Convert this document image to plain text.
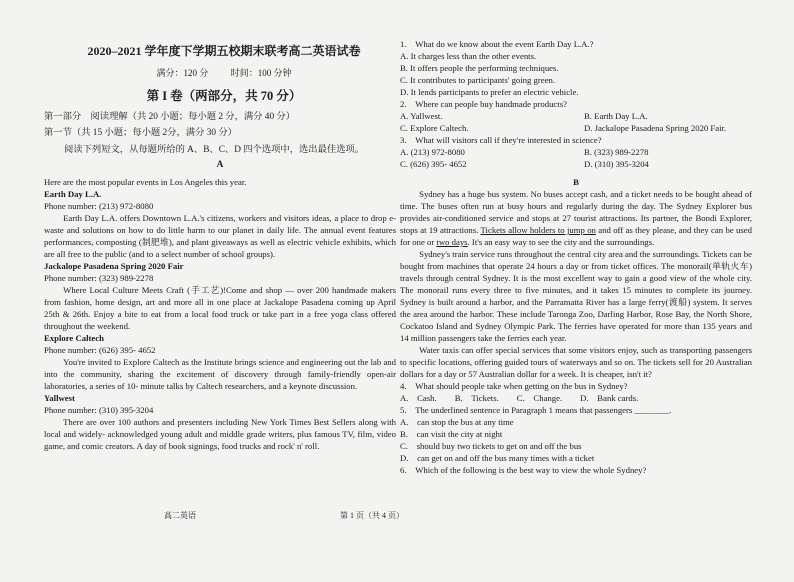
2020–2021 学年度下学期五校期末联考高二英语试卷
满分：120 分	时间：100 分钟
第 I 卷（两部分，共 70 分）
第一部分　阅读理解（共 20 小题；每小题 2 分，满分 40 分）
第一节（共 15 小题；每小题 2分，满分 30 分）
阅读下列短文，从每题所给的 A、B、C、D 四个选项中，选出最佳选项。
A

Here are the most popular events in Los Angeles this year.

Earth Day L.A.

Phone number: (213) 972-8080

Earth Day L.A. offers Downtown L.A.'s citizens, workers and visitors ideas, a place to drop e-waste and solutions on how to do little harm to our planet in daily life. The annual event features performances, composting (制肥堆), and plant giveaways as well as electric vehicle exhibits, which are all free to the public (and to a select number of school groups).

Jackalope Pasadena Spring 2020 Fair

Phone number: (323) 989-2278

Where Local Culture Meets Craft (手工艺)!Come and shop — over 200 handmade makers from fashion, home design, art and more all in one place at Jackalope Pasadena coming up April 25th & 26th. Enjoy a bite to eat from a local food truck or take part in a free yoga class offered throughout the weekend.

Explore Caltech

Phone number: (626) 395- 4652

You're invited to Explore Caltech as the Institute brings science and engineering out the lab and into the community, sharing the excitement of discovery through family-friendly open-air laboratories, a series of 10- minute talks by Caltech researchers, and a keynote discussion.

Yallwest

Phone number: (310) 395-3204

There are over 100 authors and presenters including New York Times Best Sellers along with local and widely- acknowledged young adult and middle grade writers, plus famous TV, film, video game, and comic creators. A day of book signings, food trucks and rock' n' roll.

高二英语

1.　What do we know about the event Earth Day L.A.?

A. It charges less than the other events.

B. It offers people the performing techniques.

C. It contributes to participants' going green.

D. It lends participants to prefer an electric vehicle.

2.　Where can people buy handmade products?

A. Yallwest.	B. Earth Day L.A.
C. Explore Caltech.	D. Jackalope Pasadena Spring 2020 Fair.

3.　What will visitors call if they're interested in science?

A. (213) 972-8080	B. (323) 989-2278
C. (626) 395- 4652	D. (310) 395-3204

B

Sydney has a huge bus system. No buses accept cash, and a ticket needs to be bought ahead of time. The buses often run at busy hours and regularly during the day. The Sydney Explorer bus provides air-conditioned service and stops at 27 tourist attractions. Its partner, the Bondi Explorer, stops at 19 attractions. Tickets allow holders to jump on and off as they please, and they can be used for one or two days. It's an easy way to see the city and the surroundings.

Sydney's train service runs throughout the central city area and the surroundings. Tickets can be bought from machines that operate 24 hours a day or from ticket offices. The monorail(单轨火车) travels through central Sydney. It is the most excellent way to gain a good view of the whole city. The monorail runs every three to five minutes, and it takes 15 minutes to complete its journey. Sydney is built around a harbor, and the Parramatta River has a large ferry(渡船) system. It serves the area around the harbor. These include Taronga Zoo, Darling Harbor, Rose Bay, the North Shore, Cockatoo Island and Sydney Olympic Park. The ferries have operated for more than 135 years and 14 million passengers take the ferries each year.

Water taxis can offer special services that some visitors enjoy, such as transporting passengers to specific locations, offering guided tours of waterways and so on. The tickets sell for 20 Australian dollars for a day or 57 Australian dollar for a week. It is cheaper, isn't it?

4.　What should people take when getting on the bus in Sydney?

A.　Cash. B.　Tickets. C.　Change. D.　Bank cards.

5.　The underlined sentence in Paragraph 1 means that passengers ________.

A.　can stop the bus at any time

B.　can visit the city at night

C.　should buy two tickets to get on and off the bus

D.　can get on and off the bus many times with a ticket

6.　Which of the following is the best way to view the whole Sydney?

第 1 页（共 4 页）
